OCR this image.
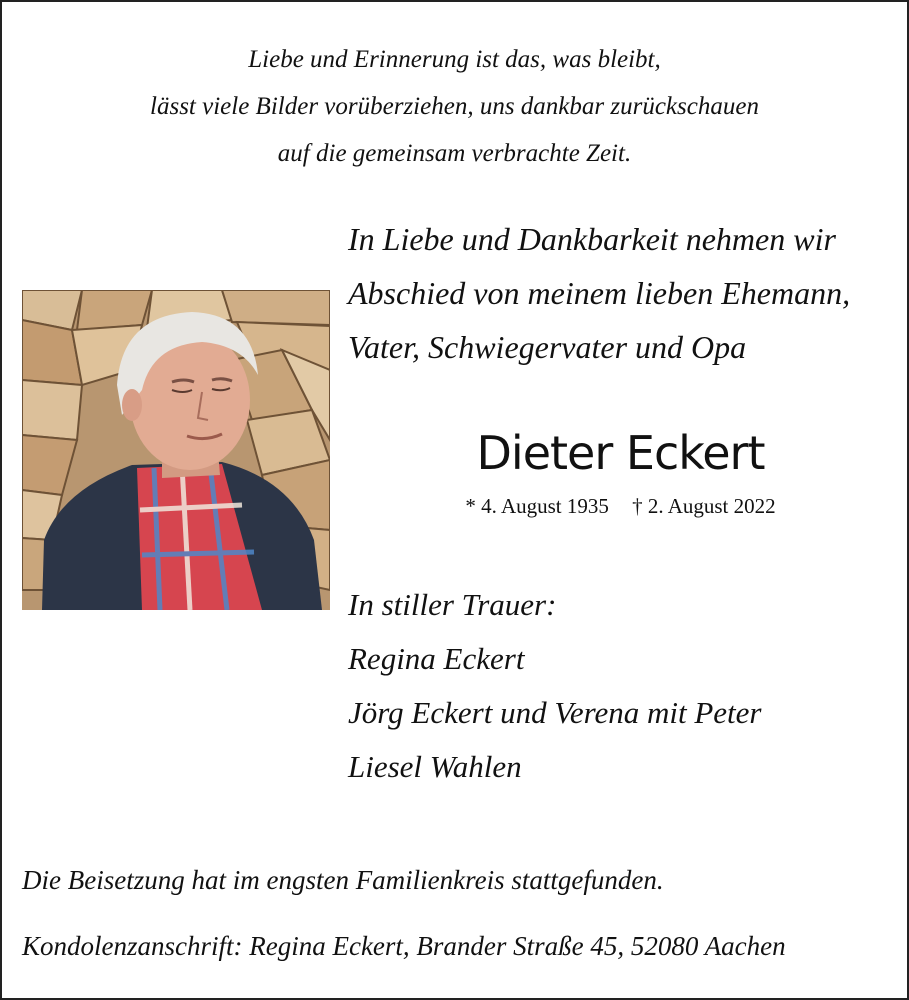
Liebe und Erinnerung ist das, was bleibt,
lässt viele Bilder vorüberziehen, uns dankbar zurückschauen
auf die gemeinsam verbrachte Zeit.
In Liebe und Dankbarkeit nehmen wir
Abschied von meinem lieben Ehemann,
Vater, Schwiegervater und Opa
Dieter Eckert
* 4. August 1935 † 2. August 2022
In stiller Trauer:
Regina Eckert
Jörg Eckert und Verena mit Peter
Liesel Wahlen
Die Beisetzung hat im engsten Familienkreis stattgefunden.
Kondolenzanschrift: Regina Eckert, Brander Straße 45, 52080 Aachen
